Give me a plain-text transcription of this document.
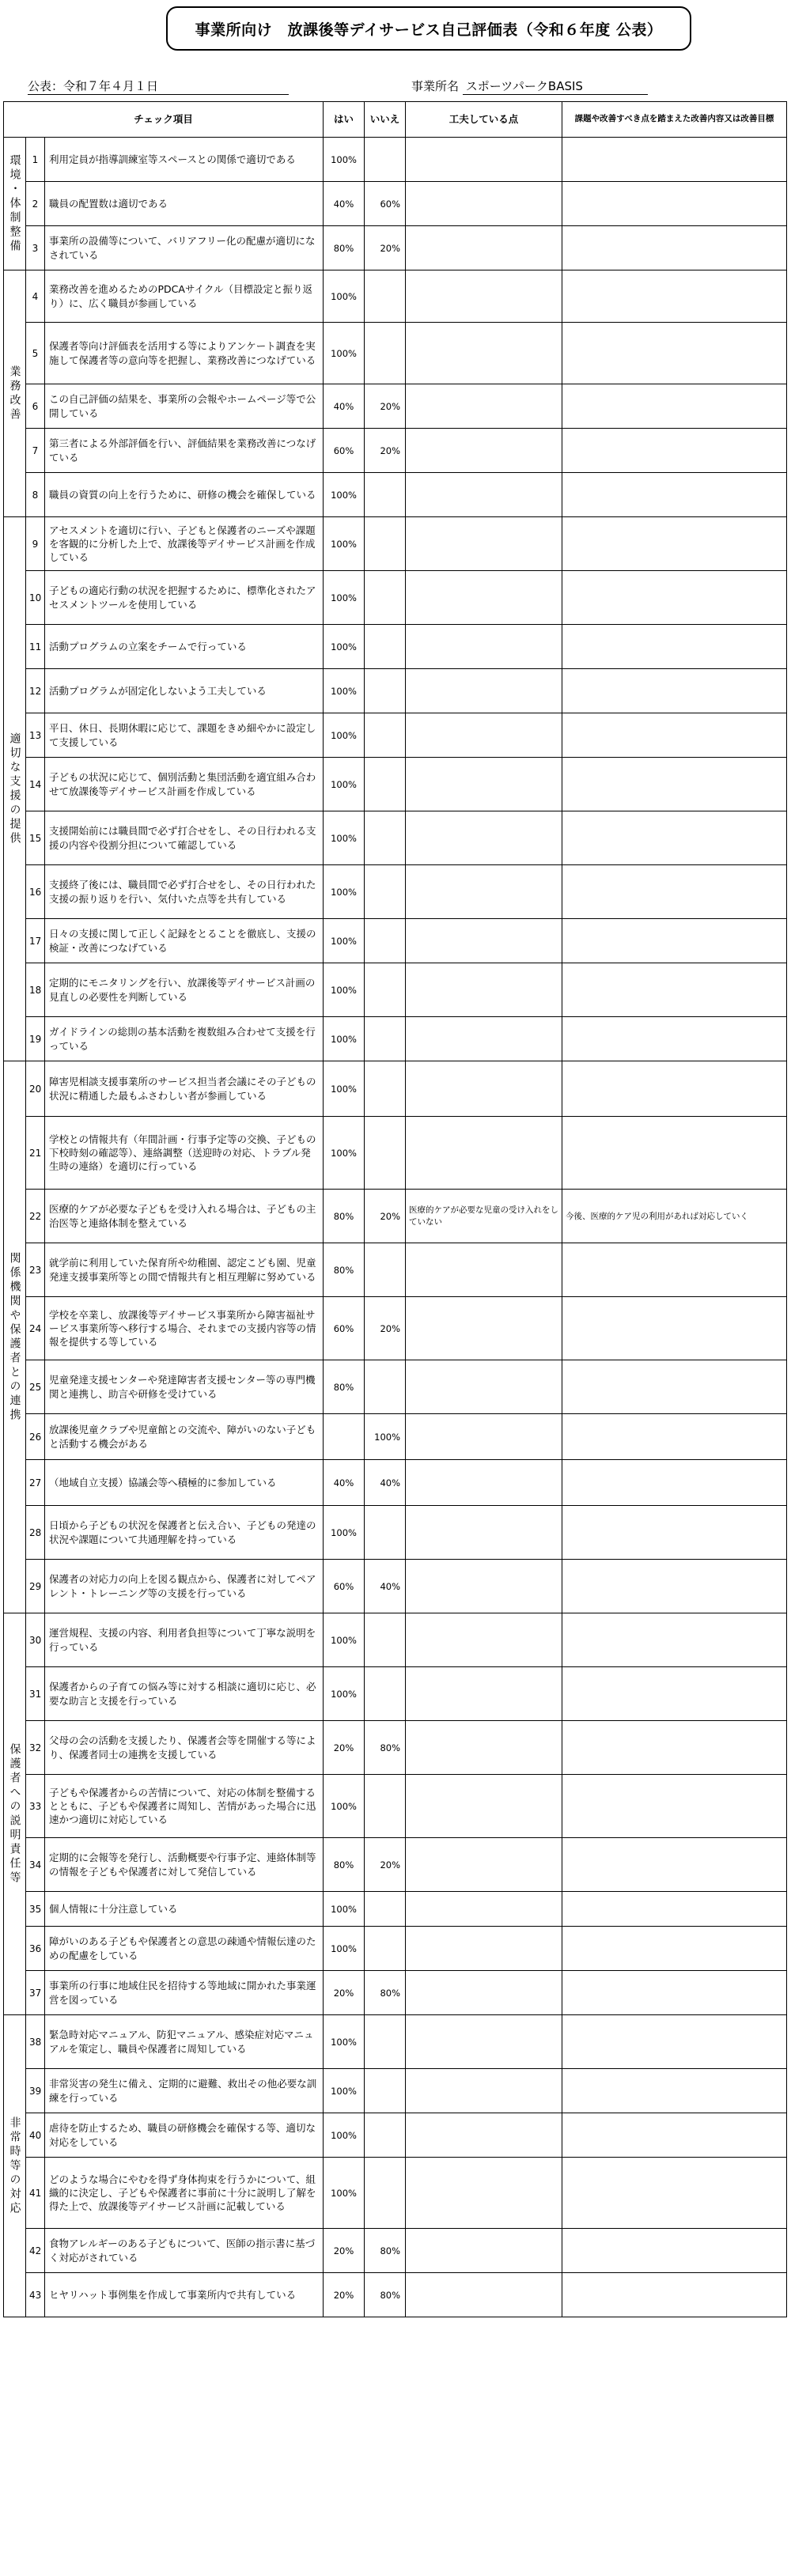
事業所向け　放課後等デイサービス自己評価表（令和６年度 公表）
公表：令和７年４月１日	事業所名 スポーツパークBASIS
チェック項目			はい	いいえ	工夫している点	課題や改善すべき点を踏まえた改善内容又は改善目標
環境・体制整備	1	利用定員が指導訓練室等スペースとの関係で適切である	100%			
	2	職員の配置数は適切である	40%	60%		
	3	事業所の設備等について、バリアフリー化の配慮が適切になされている	80%	20%		
業務改善	4	業務改善を進めるためのPDCAサイクル（目標設定と振り返り）に、広く職員が参画している	100%			
	5	保護者等向け評価表を活用する等によりアンケート調査を実施して保護者等の意向等を把握し、業務改善につなげている	100%			
	6	この自己評価の結果を、事業所の会報やホームページ等で公開している	40%	20%		
	7	第三者による外部評価を行い、評価結果を業務改善につなげている	60%	20%		
	8	職員の資質の向上を行うために、研修の機会を確保している	100%			
適切な支援の提供	9	アセスメントを適切に行い、子どもと保護者のニーズや課題を客観的に分析した上で、放課後等デイサービス計画を作成している	100%			
	10	子どもの適応行動の状況を把握するために、標準化されたアセスメントツールを使用している	100%			
	11	活動プログラムの立案をチームで行っている	100%			
	12	活動プログラムが固定化しないよう工夫している	100%			
	13	平日、休日、長期休暇に応じて、課題をきめ細やかに設定して支援している	100%			
	14	子どもの状況に応じて、個別活動と集団活動を適宜組み合わせて放課後等デイサービス計画を作成している	100%			
	15	支援開始前には職員間で必ず打合せをし、その日行われる支援の内容や役割分担について確認している	100%			
	16	支援終了後には、職員間で必ず打合せをし、その日行われた支援の振り返りを行い、気付いた点等を共有している	100%			
	17	日々の支援に関して正しく記録をとることを徹底し、支援の検証・改善につなげている	100%			
	18	定期的にモニタリングを行い、放課後等デイサービス計画の見直しの必要性を判断している	100%			
	19	ガイドラインの総則の基本活動を複数組み合わせて支援を行っている	100%			
関係機関や保護者との連携	20	障害児相談支援事業所のサービス担当者会議にその子どもの状況に精通した最もふさわしい者が参画している	100%			
	21	学校との情報共有（年間計画・行事予定等の交換、子どもの下校時刻の確認等）、連絡調整（送迎時の対応、トラブル発生時の連絡）を適切に行っている	100%			
	22	医療的ケアが必要な子どもを受け入れる場合は、子どもの主治医等と連絡体制を整えている	80%	20%	医療的ケアが必要な児童の受け入れをしていない	今後、医療的ケア児の利用があれば対応していく
	23	就学前に利用していた保育所や幼稚園、認定こども園、児童発達支援事業所等との間で情報共有と相互理解に努めている	80%			
	24	学校を卒業し、放課後等デイサービス事業所から障害福祉サービス事業所等へ移行する場合、それまでの支援内容等の情報を提供する等している	60%	20%		
	25	児童発達支援センターや発達障害者支援センター等の専門機関と連携し、助言や研修を受けている	80%			
	26	放課後児童クラブや児童館との交流や、障がいのない子どもと活動する機会がある		100%		
	27	（地域自立支援）協議会等へ積極的に参加している	40%	40%		
	28	日頃から子どもの状況を保護者と伝え合い、子どもの発達の状況や課題について共通理解を持っている	100%			
	29	保護者の対応力の向上を図る観点から、保護者に対してペアレント・トレーニング等の支援を行っている	60%	40%		
保護者への説明責任等	30	運営規程、支援の内容、利用者負担等について丁寧な説明を行っている	100%			
	31	保護者からの子育ての悩み等に対する相談に適切に応じ、必要な助言と支援を行っている	100%			
	32	父母の会の活動を支援したり、保護者会等を開催する等により、保護者同士の連携を支援している	20%	80%		
	33	子どもや保護者からの苦情について、対応の体制を整備するとともに、子どもや保護者に周知し、苦情があった場合に迅速かつ適切に対応している	100%			
	34	定期的に会報等を発行し、活動概要や行事予定、連絡体制等の情報を子どもや保護者に対して発信している	80%	20%		
	35	個人情報に十分注意している	100%			
	36	障がいのある子どもや保護者との意思の疎通や情報伝達のための配慮をしている	100%			
	37	事業所の行事に地域住民を招待する等地域に開かれた事業運営を図っている	20%	80%		
非常時等の対応	38	緊急時対応マニュアル、防犯マニュアル、感染症対応マニュアルを策定し、職員や保護者に周知している	100%			
	39	非常災害の発生に備え、定期的に避難、救出その他必要な訓練を行っている	100%			
	40	虐待を防止するため、職員の研修機会を確保する等、適切な対応をしている	100%			
	41	どのような場合にやむを得ず身体拘束を行うかについて、組織的に決定し、子どもや保護者に事前に十分に説明し了解を得た上で、放課後等デイサービス計画に記載している	100%			
	42	食物アレルギーのある子どもについて、医師の指示書に基づく対応がされている	20%	80%		
	43	ヒヤリハット事例集を作成して事業所内で共有している	20%	80%		
